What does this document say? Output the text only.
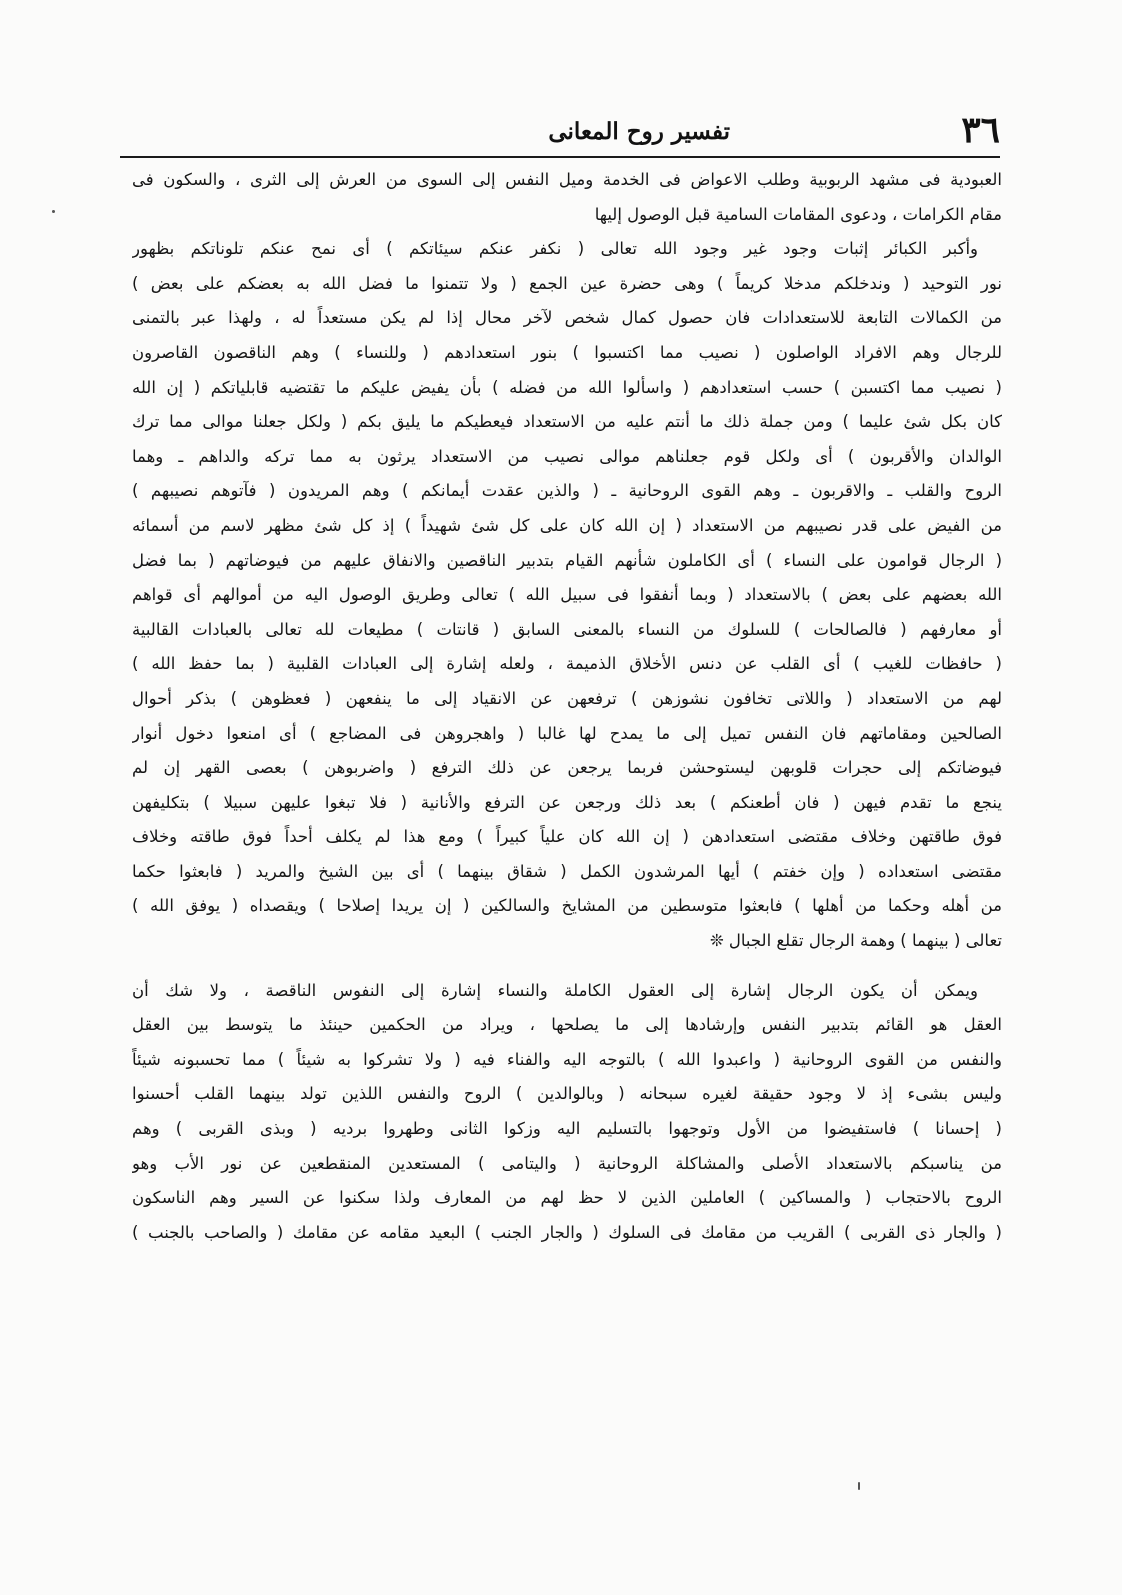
٣٦
تفسير روح المعانى
العبودية فى مشهد الربوبية وطلب الاعواض فى الخدمة وميل النفس إلى السوى من العرش إلى الثرى ، والسكون فى
مقام الكرامات ، ودعوى المقامات السامية قبل الوصول إليها
وأكبر الكبائر إثبات وجود غير وجود الله تعالى ( نكفر عنكم سيئاتكم ) أى نمح عنكم تلوناتكم بظهور
نور التوحيد ( وندخلكم مدخلا كريماً ) وهى حضرة عين الجمع ( ولا تتمنوا ما فضل الله به بعضكم على بعض )
من الكمالات التابعة للاستعدادات فان حصول كمال شخص لآخر محال إذا لم يكن مستعداً له ، ولهذا عبر بالتمنى
للرجال وهم الافراد الواصلون ( نصيب مما اكتسبوا ) بنور استعدادهم ( وللنساء ) وهم الناقصون القاصرون
( نصيب مما اكتسبن ) حسب استعدادهم ( واسألوا الله من فضله ) بأن يفيض عليكم ما تقتضيه قابلياتكم ( إن الله
كان بكل شئ عليما ) ومن جملة ذلك ما أنتم عليه من الاستعداد فيعطيكم ما يليق بكم ( ولكل جعلنا موالى مما ترك
الوالدان والأقربون ) أى ولكل قوم جعلناهم موالى نصيب من الاستعداد يرثون به مما تركه والداهم ـ وهما
الروح والقلب ـ والاقربون ـ وهم القوى الروحانية ـ ( والذين عقدت أيمانكم ) وهم المريدون ( فآتوهم نصيبهم )
من الفيض على قدر نصيبهم من الاستعداد ( إن الله كان على كل شئ شهيداً ) إذ كل شئ مظهر لاسم من أسمائه
( الرجال قوامون على النساء ) أى الكاملون شأنهم القيام بتدبير الناقصين والانفاق عليهم من فيوضاتهم ( بما فضل
الله بعضهم على بعض ) بالاستعداد ( وبما أنفقوا فى سبيل الله ) تعالى وطريق الوصول اليه من أموالهم أى قواهم
أو معارفهم ( فالصالحات ) للسلوك من النساء بالمعنى السابق ( قانتات ) مطيعات لله تعالى بالعبادات القالبية
( حافظات للغيب ) أى القلب عن دنس الأخلاق الذميمة ، ولعله إشارة إلى العبادات القلبية ( بما حفظ الله )
لهم من الاستعداد ( واللاتى تخافون نشوزهن ) ترفعهن عن الانقياد إلى ما ينفعهن ( فعظوهن ) بذكر أحوال
الصالحين ومقاماتهم فان النفس تميل إلى ما يمدح لها غالبا ( واهجروهن فى المضاجع ) أى امنعوا دخول أنوار
فيوضاتكم إلى حجرات قلوبهن ليستوحشن فربما يرجعن عن ذلك الترفع ( واضربوهن ) بعصى القهر إن لم
ينجع ما تقدم فيهن ( فان أطعنكم ) بعد ذلك ورجعن عن الترفع والأنانية ( فلا تبغوا عليهن سبيلا ) بتكليفهن
فوق طاقتهن وخلاف مقتضى استعدادهن ( إن الله كان علياً كبيراً ) ومع هذا لم يكلف أحداً فوق طاقته وخلاف
مقتضى استعداده ( وإن خفتم ) أيها المرشدون الكمل ( شقاق بينهما ) أى بين الشيخ والمريد ( فابعثوا حكما
من أهله وحكما من أهلها ) فابعثوا متوسطين من المشايخ والسالكين ( إن يريدا إصلاحا ) ويقصداه ( يوفق الله )
تعالى ( بينهما ) وهمة الرجال تقلع الجبال ❊
ويمكن أن يكون الرجال إشارة إلى العقول الكاملة والنساء إشارة إلى النفوس الناقصة ، ولا شك أن
العقل هو القائم بتدبير النفس وإرشادها إلى ما يصلحها ، ويراد من الحكمين حينئذ ما يتوسط بين العقل
والنفس من القوى الروحانية ( واعبدوا الله ) بالتوجه اليه والفناء فيه ( ولا تشركوا به شيئاً ) مما تحسبونه شيئاً
وليس بشىء إذ لا وجود حقيقة لغيره سبحانه ( وبالوالدين ) الروح والنفس اللذين تولد بينهما القلب أحسنوا
( إحسانا ) فاستفيضوا من الأول وتوجهوا بالتسليم اليه وزكوا الثانى وطهروا برديه ( وبذى القربى ) وهم
من يناسبكم بالاستعداد الأصلى والمشاكلة الروحانية ( واليتامى ) المستعدين المنقطعين عن نور الأب وهو
الروح بالاحتجاب ( والمساكين ) العاملين الذين لا حظ لهم من المعارف ولذا سكنوا عن السير وهم الناسكون
( والجار ذى القربى ) القريب من مقامك فى السلوك ( والجار الجنب ) البعيد مقامه عن مقامك ( والصاحب بالجنب )
